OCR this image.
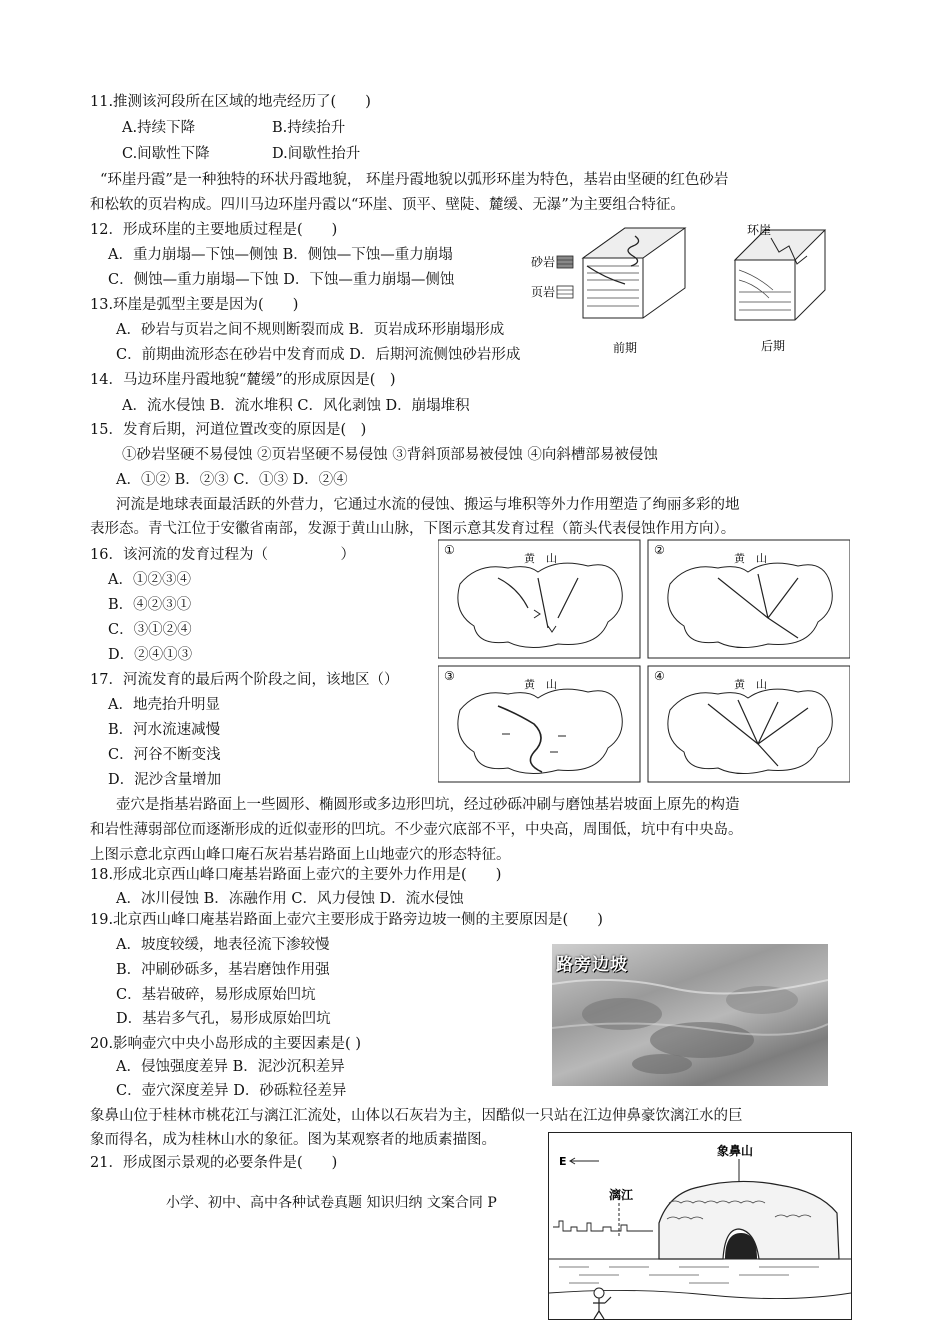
11.推测该河段所在区域的地壳经历了(　　)
A.持续下降	B.持续抬升
C.间歇性下降	D.间歇性抬升
“环崖丹霞”是一种独特的环状丹霞地貌， 环崖丹霞地貌以弧形环崖为特色，基岩由坚硬的红色砂岩
和松软的页岩构成。四川马边环崖丹霞以“环崖、顶平、壁陡、麓缓、无瀑”为主要组合特征。
12．形成环崖的主要地质过程是(　　)
A．重力崩塌—下蚀—侧蚀 B．侧蚀—下蚀—重力崩塌
C．侧蚀—重力崩塌—下蚀 D．下蚀—重力崩塌—侧蚀
13.环崖是弧型主要是因为(　　)
A．砂岩与页岩之间不规则断裂而成 B．页岩成环形崩塌形成
C．前期曲流形态在砂岩中发育而成 D．后期河流侧蚀砂岩形成
砂岩
页岩
前期
环崖
后期
14．马边环崖丹霞地貌“麓缓”的形成原因是(　)
A．流水侵蚀 B．流水堆积 C．风化剥蚀 D．崩塌堆积
15．发育后期，河道位置改变的原因是(　)
①砂岩坚硬不易侵蚀 ②页岩坚硬不易侵蚀 ③背斜顶部易被侵蚀 ④向斜槽部易被侵蚀
A．①② B．②③ C．①③ D．②④
河流是地球表面最活跃的外营力，它通过水流的侵蚀、搬运与堆积等外力作用塑造了绚丽多彩的地
表形态。青弋江位于安徽省南部，发源于黄山山脉，下图示意其发育过程（箭头代表侵蚀作用方向）。
16．该河流的发育过程为（　　　　　）
A．①②③④
B．④②③①
C．③①②④
D．②④①③
17．河流发育的最后两个阶段之间，该地区（）
A．地壳抬升明显
B．河水流速减慢
C．河谷不断变浅
D．泥沙含量增加
①
黄　山
②
黄　山
③
黄　山
④
黄　山
壶穴是指基岩路面上一些圆形、椭圆形或多边形凹坑，经过砂砾冲刷与磨蚀基岩坡面上原先的构造
和岩性薄弱部位而逐渐形成的近似壶形的凹坑。不少壶穴底部不平，中央高，周围低，坑中有中央岛。
上图示意北京西山峰口庵石灰岩基岩路面上山地壶穴的形态特征。
18.形成北京西山峰口庵基岩路面上壶穴的主要外力作用是(　　)
A．冰川侵蚀 B．冻融作用 C．风力侵蚀 D．流水侵蚀
19.北京西山峰口庵基岩路面上壶穴主要形成于路旁边坡一侧的主要原因是(　　)
A．坡度较缓，地表径流下渗较慢
B．冲刷砂砾多，基岩磨蚀作用强
C．基岩破碎，易形成原始凹坑
D．基岩多气孔，易形成原始凹坑
20.影响壶穴中央小岛形成的主要因素是( )
A．侵蚀强度差异 B．泥沙沉积差异
C．壶穴深度差异 D．砂砾粒径差异
路旁边坡
象鼻山位于桂林市桃花江与漓江汇流处，山体以石灰岩为主，因酷似一只站在江边伸鼻豪饮漓江水的巨
象而得名，成为桂林山水的象征。图为某观察者的地质素描图。
21．形成图示景观的必要条件是(　　)
小学、初中、高中各种试卷真题 知识归纳 文案合同 P
E
象鼻山
漓江
